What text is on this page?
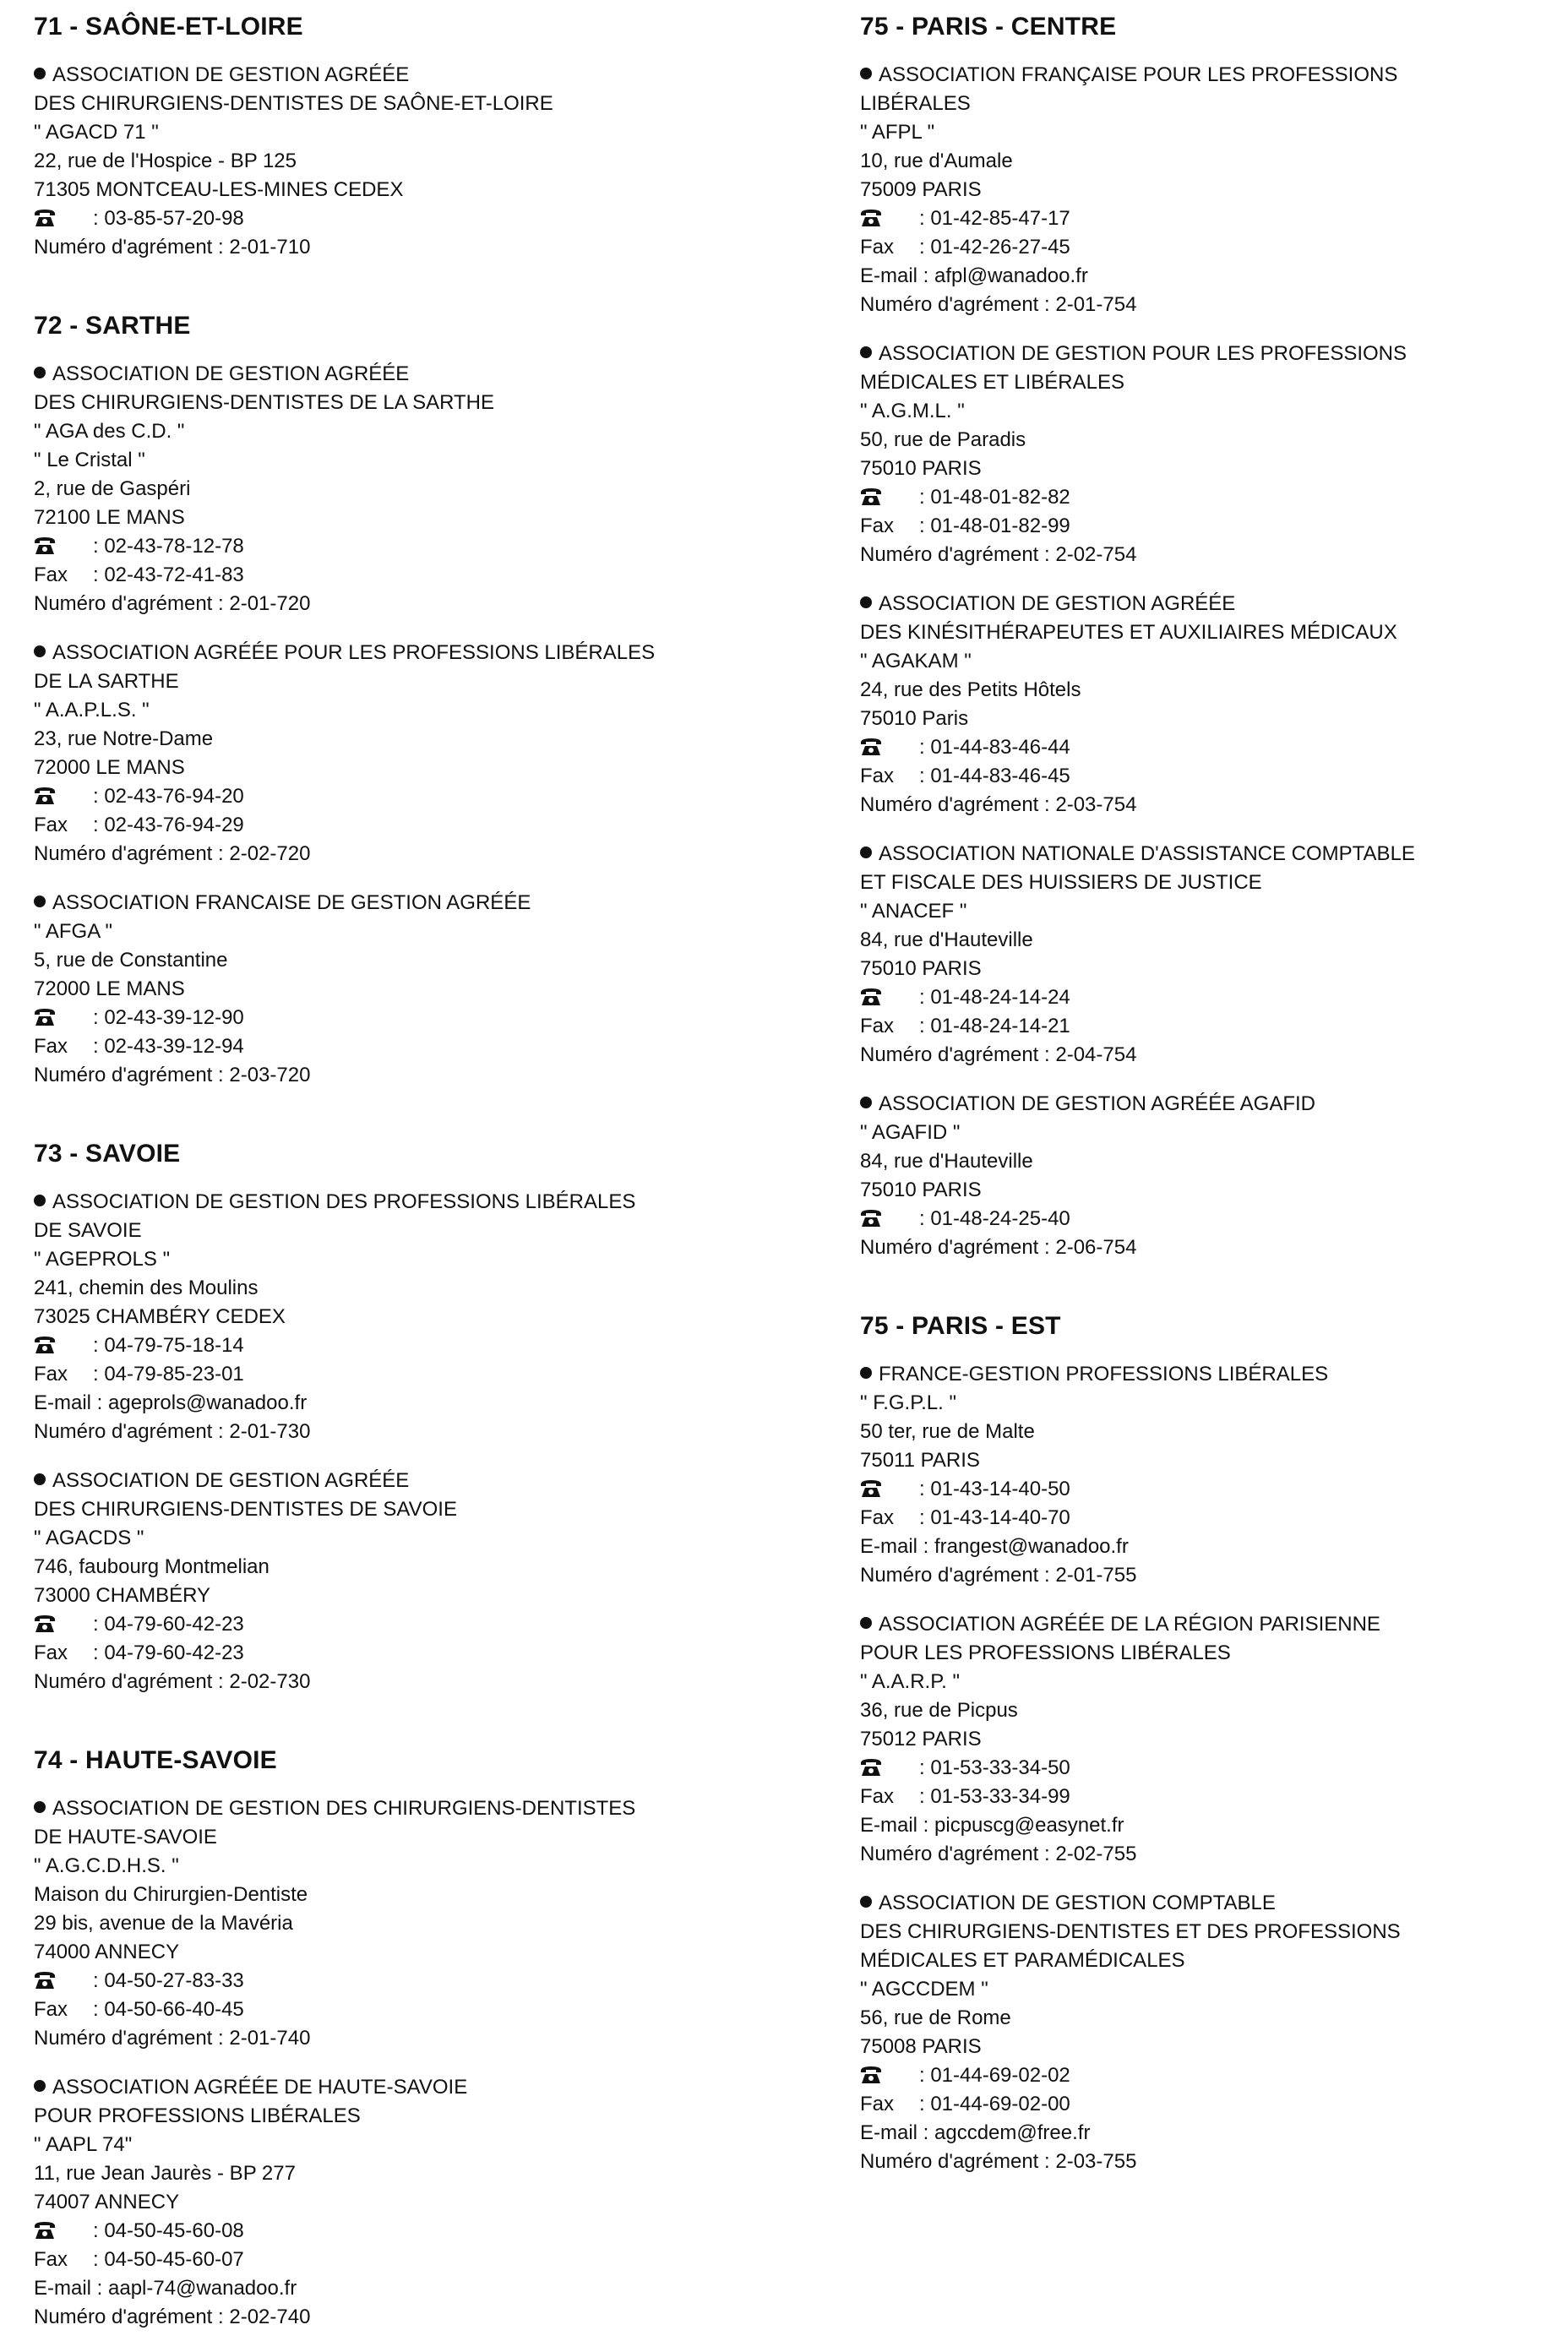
71 - SAÔNE-ET-LOIRE
ASSOCIATION DE GESTION AGRÉÉE
DES CHIRURGIENS-DENTISTES DE SAÔNE-ET-LOIRE
" AGACD 71 "
22, rue de l'Hospice - BP 125
71305 MONTCEAU-LES-MINES CEDEX
: 03-85-57-20-98
Numéro d'agrément : 2-01-710
72 - SARTHE
ASSOCIATION DE GESTION AGRÉÉE
DES CHIRURGIENS-DENTISTES DE LA SARTHE
" AGA des C.D. "
" Le Cristal "
2, rue de Gaspéri
72100 LE MANS
: 02-43-78-12-78
Fax : 02-43-72-41-83
Numéro d'agrément : 2-01-720
ASSOCIATION AGRÉÉE POUR LES PROFESSIONS LIBÉRALES
DE LA SARTHE
" A.A.P.L.S. "
23, rue Notre-Dame
72000 LE MANS
: 02-43-76-94-20
Fax : 02-43-76-94-29
Numéro d'agrément : 2-02-720
ASSOCIATION FRANCAISE DE GESTION AGRÉÉE
" AFGA "
5, rue de Constantine
72000 LE MANS
: 02-43-39-12-90
Fax : 02-43-39-12-94
Numéro d'agrément : 2-03-720
73 - SAVOIE
ASSOCIATION DE GESTION DES PROFESSIONS LIBÉRALES
DE SAVOIE
" AGEPROLS "
241, chemin des Moulins
73025 CHAMBÉRY CEDEX
: 04-79-75-18-14
Fax : 04-79-85-23-01
E-mail : ageprols@wanadoo.fr
Numéro d'agrément : 2-01-730
ASSOCIATION DE GESTION AGRÉÉE
DES CHIRURGIENS-DENTISTES DE SAVOIE
" AGACDS "
746, faubourg Montmelian
73000 CHAMBÉRY
: 04-79-60-42-23
Fax : 04-79-60-42-23
Numéro d'agrément : 2-02-730
74 - HAUTE-SAVOIE
ASSOCIATION DE GESTION DES CHIRURGIENS-DENTISTES
DE HAUTE-SAVOIE
" A.G.C.D.H.S. "
Maison du Chirurgien-Dentiste
29 bis, avenue de la Mavéria
74000 ANNECY
: 04-50-27-83-33
Fax : 04-50-66-40-45
Numéro d'agrément : 2-01-740
ASSOCIATION AGRÉÉE DE HAUTE-SAVOIE
POUR PROFESSIONS LIBÉRALES
" AAPL 74"
11, rue Jean Jaurès - BP 277
74007 ANNECY
: 04-50-45-60-08
Fax : 04-50-45-60-07
E-mail : aapl-74@wanadoo.fr
Numéro d'agrément : 2-02-740
75 - PARIS - CENTRE
ASSOCIATION FRANÇAISE POUR LES PROFESSIONS
LIBÉRALES
" AFPL "
10, rue d'Aumale
75009 PARIS
: 01-42-85-47-17
Fax : 01-42-26-27-45
E-mail : afpl@wanadoo.fr
Numéro d'agrément : 2-01-754
ASSOCIATION DE GESTION POUR LES PROFESSIONS
MÉDICALES ET LIBÉRALES
" A.G.M.L. "
50, rue de Paradis
75010 PARIS
: 01-48-01-82-82
Fax : 01-48-01-82-99
Numéro d'agrément : 2-02-754
ASSOCIATION DE GESTION AGRÉÉE
DES KINÉSITHÉRAPEUTES ET AUXILIAIRES MÉDICAUX
" AGAKAM "
24, rue des Petits Hôtels
75010 Paris
: 01-44-83-46-44
Fax : 01-44-83-46-45
Numéro d'agrément : 2-03-754
ASSOCIATION NATIONALE D'ASSISTANCE COMPTABLE
ET FISCALE DES HUISSIERS DE JUSTICE
" ANACEF "
84, rue d'Hauteville
75010 PARIS
: 01-48-24-14-24
Fax : 01-48-24-14-21
Numéro d'agrément : 2-04-754
ASSOCIATION DE GESTION AGRÉÉE AGAFID
" AGAFID "
84, rue d'Hauteville
75010 PARIS
: 01-48-24-25-40
Numéro d'agrément : 2-06-754
75 - PARIS - EST
FRANCE-GESTION PROFESSIONS LIBÉRALES
" F.G.P.L. "
50 ter, rue de Malte
75011 PARIS
: 01-43-14-40-50
Fax : 01-43-14-40-70
E-mail : frangest@wanadoo.fr
Numéro d'agrément : 2-01-755
ASSOCIATION AGRÉÉE DE LA RÉGION PARISIENNE
POUR LES PROFESSIONS LIBÉRALES
" A.A.R.P. "
36, rue de Picpus
75012 PARIS
: 01-53-33-34-50
Fax : 01-53-33-34-99
E-mail : picpuscg@easynet.fr
Numéro d'agrément : 2-02-755
ASSOCIATION DE GESTION COMPTABLE
DES CHIRURGIENS-DENTISTES ET DES PROFESSIONS
MÉDICALES ET PARAMÉDICALES
" AGCCDEM "
56, rue de Rome
75008 PARIS
: 01-44-69-02-02
Fax : 01-44-69-02-00
E-mail : agccdem@free.fr
Numéro d'agrément : 2-03-755
